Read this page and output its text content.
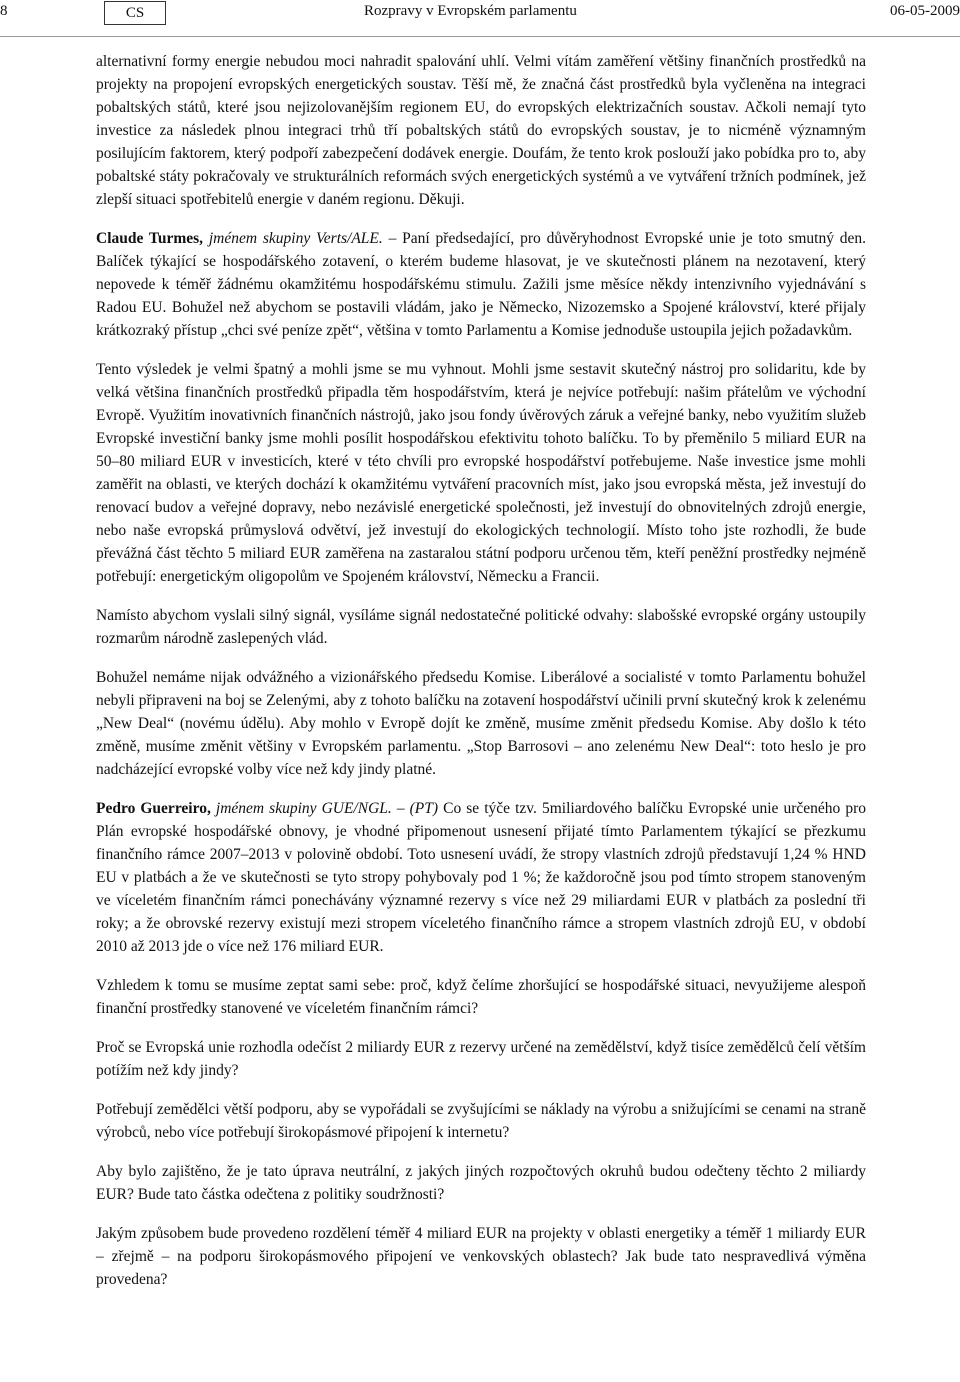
8	CS	Rozpravy v Evropském parlamentu	06-05-2009

alternativní formy energie nebudou moci nahradit spalování uhlí. Velmi vítám zaměření většiny finančních prostředků na projekty na propojení evropských energetických soustav. Těší mě, že značná část prostředků byla vyčleněna na integraci pobaltských států, které jsou nejizolovanějším regionem EU, do evropských elektrizačních soustav. Ačkoli nemají tyto investice za následek plnou integraci trhů tří pobaltských států do evropských soustav, je to nicméně významným posilujícím faktorem, který podpoří zabezpečení dodávek energie. Doufám, že tento krok poslouží jako pobídka pro to, aby pobaltské státy pokračovaly ve strukturálních reformách svých energetických systémů a ve vytváření tržních podmínek, jež zlepší situaci spotřebitelů energie v daném regionu. Děkuji.

Claude Turmes, jménem skupiny Verts/ALE. – Paní předsedající, pro důvěryhodnost Evropské unie je toto smutný den. Balíček týkající se hospodářského zotavení, o kterém budeme hlasovat, je ve skutečnosti plánem na nezotavení, který nepovede k téměř žádnému okamžitému hospodářskému stimulu. Zažili jsme měsíce někdy intenzivního vyjednávání s Radou EU. Bohužel než abychom se postavili vládám, jako je Německo, Nizozemsko a Spojené království, které přijaly krátkozraký přístup „chci své peníze zpět“, většina v tomto Parlamentu a Komise jednoduše ustoupila jejich požadavkům.

Tento výsledek je velmi špatný a mohli jsme se mu vyhnout. Mohli jsme sestavit skutečný nástroj pro solidaritu, kde by velká většina finančních prostředků připadla těm hospodářstvím, která je nejvíce potřebují: našim přátelům ve východní Evropě. Využitím inovativních finančních nástrojů, jako jsou fondy úvěrových záruk a veřejné banky, nebo využitím služeb Evropské investiční banky jsme mohli posílit hospodářskou efektivitu tohoto balíčku. To by přeměnilo 5 miliard EUR na 50–80 miliard EUR v investicích, které v této chvíli pro evropské hospodářství potřebujeme. Naše investice jsme mohli zaměřit na oblasti, ve kterých dochází k okamžitému vytváření pracovních míst, jako jsou evropská města, jež investují do renovací budov a veřejné dopravy, nebo nezávislé energetické společnosti, jež investují do obnovitelných zdrojů energie, nebo naše evropská průmyslová odvětví, jež investují do ekologických technologií. Místo toho jste rozhodli, že bude převážná část těchto 5 miliard EUR zaměřena na zastaralou státní podporu určenou těm, kteří peněžní prostředky nejméně potřebují: energetickým oligopolům ve Spojeném království, Německu a Francii.

Namísto abychom vyslali silný signál, vysíláme signál nedostatečné politické odvahy: slabošské evropské orgány ustoupily rozmarům národně zaslepených vlád.

Bohužel nemáme nijak odvážného a vizionářského předsedu Komise. Liberálové a socialisté v tomto Parlamentu bohužel nebyli připraveni na boj se Zelenými, aby z tohoto balíčku na zotavení hospodářství učinili první skutečný krok k zelenému „New Deal“ (novému údělu). Aby mohlo v Evropě dojít ke změně, musíme změnit předsedu Komise. Aby došlo k této změně, musíme změnit většiny v Evropském parlamentu. „Stop Barrosovi – ano zelenému New Deal“: toto heslo je pro nadcházející evropské volby více než kdy jindy platné.

Pedro Guerreiro, jménem skupiny GUE/NGL. – (PT) Co se týče tzv. 5miliardového balíčku Evropské unie určeného pro Plán evropské hospodářské obnovy, je vhodné připomenout usnesení přijaté tímto Parlamentem týkající se přezkumu finančního rámce 2007–2013 v polovině období. Toto usnesení uvádí, že stropy vlastních zdrojů představují 1,24 % HND EU v platbách a že ve skutečnosti se tyto stropy pohybovaly pod 1 %; že každoročně jsou pod tímto stropem stanoveným ve víceletém finančním rámci ponechávány významné rezervy s více než 29 miliardami EUR v platbách za poslední tři roky; a že obrovské rezervy existují mezi stropem víceletého finančního rámce a stropem vlastních zdrojů EU, v období 2010 až 2013 jde o více než 176 miliard EUR.

Vzhledem k tomu se musíme zeptat sami sebe: proč, když čelíme zhoršující se hospodářské situaci, nevyužijeme alespoň finanční prostředky stanovené ve víceletém finančním rámci?

Proč se Evropská unie rozhodla odečíst 2 miliardy EUR z rezervy určené na zemědělství, když tisíce zemědělců čelí větším potížím než kdy jindy?

Potřebují zemědělci větší podporu, aby se vypořádali se zvyšujícími se náklady na výrobu a snižujícími se cenami na straně výrobců, nebo více potřebují širokopásmové připojení k internetu?

Aby bylo zajištěno, že je tato úprava neutrální, z jakých jiných rozpočtových okruhů budou odečteny těchto 2 miliardy EUR? Bude tato částka odečtena z politiky soudržnosti?

Jakým způsobem bude provedeno rozdělení téměř 4 miliard EUR na projekty v oblasti energetiky a téměř 1 miliardy EUR – zřejmě – na podporu širokopásmového připojení ve venkovských oblastech? Jak bude tato nespravedlivá výměna provedena?
